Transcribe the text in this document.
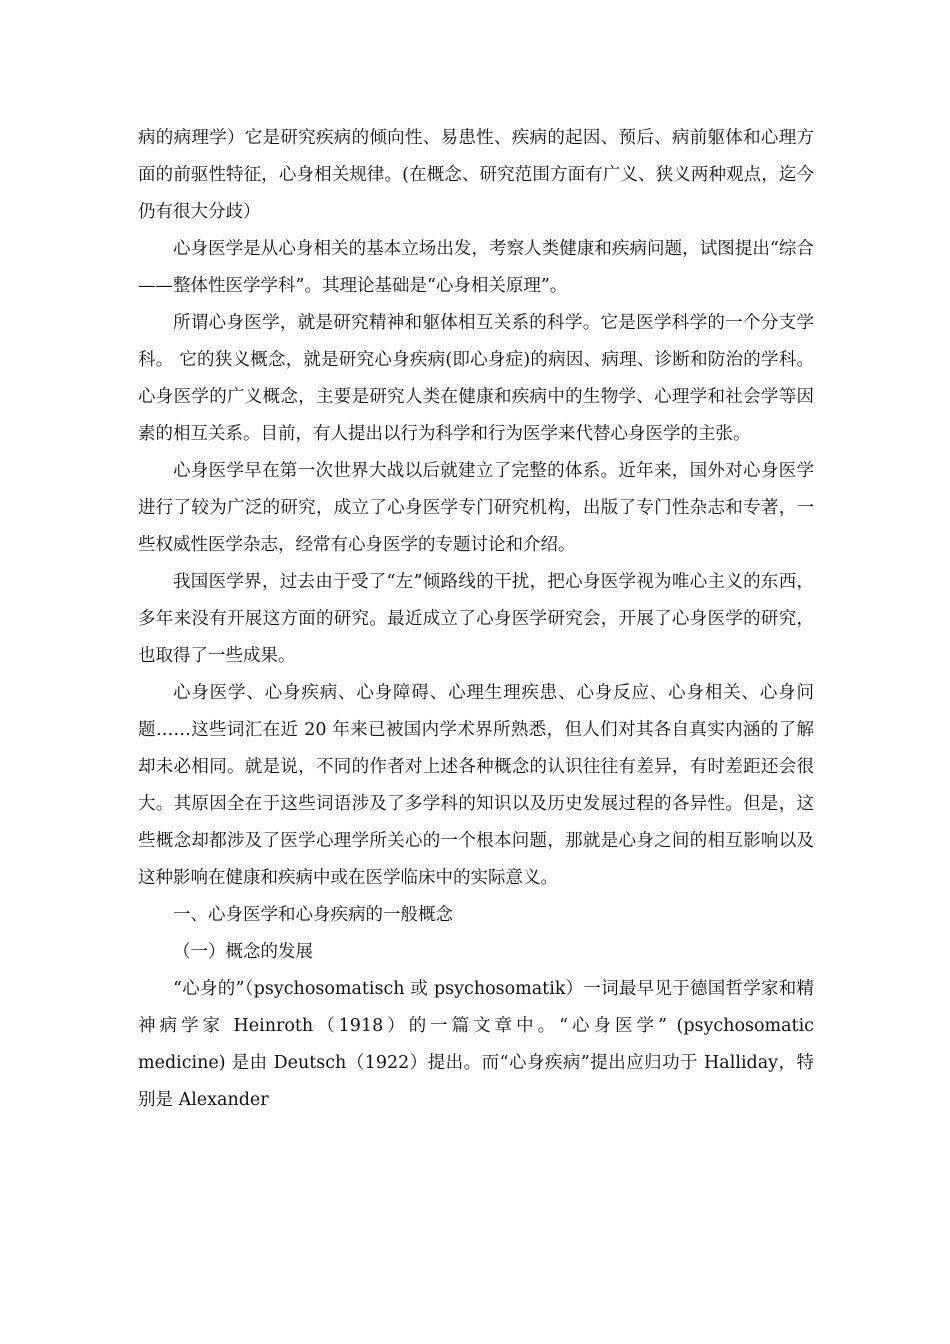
病的病理学）它是研究疾病的倾向性、易患性、疾病的起因、预后、病前躯体和心理方面的前驱性特征，心身相关规律。(在概念、研究范围方面有广义、狭义两种观点，迄今仍有很大分歧）

心身医学是从心身相关的基本立场出发，考察人类健康和疾病问题，试图提出“综合——整体性医学学科”。其理论基础是“心身相关原理”。

所谓心身医学，就是研究精神和躯体相互关系的科学。它是医学科学的一个分支学科。 它的狭义概念，就是研究心身疾病(即心身症)的病因、病理、诊断和防治的学科。心身医学的广义概念，主要是研究人类在健康和疾病中的生物学、心理学和社会学等因素的相互关系。目前，有人提出以行为科学和行为医学来代替心身医学的主张。

心身医学早在第一次世界大战以后就建立了完整的体系。近年来，国外对心身医学进行了较为广泛的研究，成立了心身医学专门研究机构，出版了专门性杂志和专著，一些权威性医学杂志，经常有心身医学的专题讨论和介绍。

我国医学界，过去由于受了“左”倾路线的干扰，把心身医学视为唯心主义的东西， 多年来没有开展这方面的研究。最近成立了心身医学研究会，开展了心身医学的研究，也取得了一些成果。

心身医学、心身疾病、心身障碍、心理生理疾患、心身反应、心身相关、心身问题……这些词汇在近 20 年来已被国内学术界所熟悉，但人们对其各自真实内涵的了解却未必相同。就是说，不同的作者对上述各种概念的认识往往有差异，有时差距还会很大。其原因全在于这些词语涉及了多学科的知识以及历史发展过程的各异性。但是，这些概念却都涉及了医学心理学所关心的一个根本问题，那就是心身之间的相互影响以及这种影响在健康和疾病中或在医学临床中的实际意义。

一、心身医学和心身疾病的一般概念

（一）概念的发展

“心身的”（psychosomatisch 或 psychosomatik）一词最早见于德国哲学家和精神病学家 Heinroth（1918）的一篇文章中。“心身医学” (psychosomatic medicine) 是由 Deutsch（1922）提出。而“心身疾病”提出应归功于 Halliday，特别是 Alexander
